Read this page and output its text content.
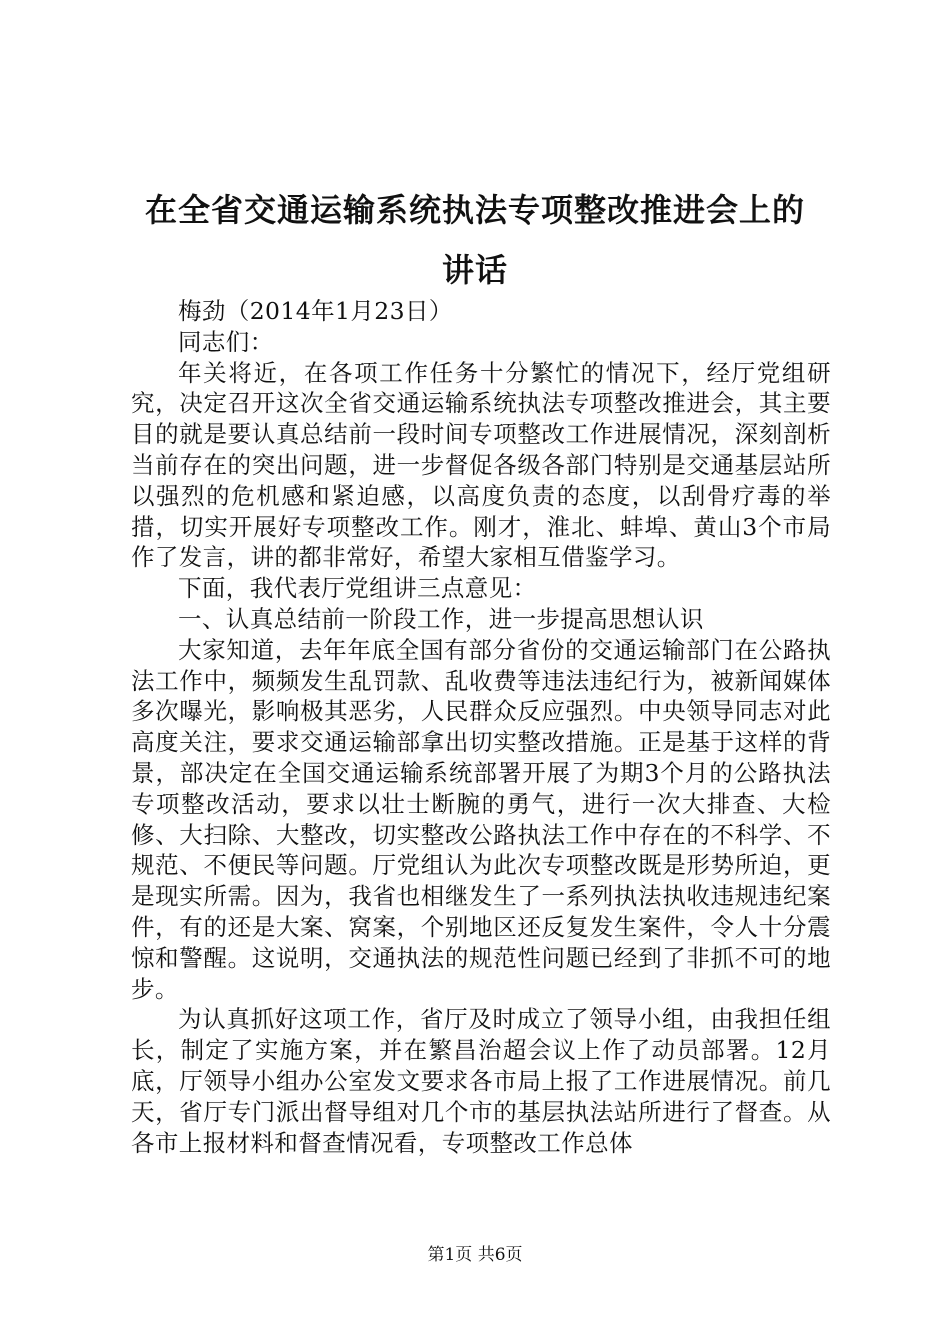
在全省交通运输系统执法专项整改推进会上的
讲话

梅劲（2014年1月23日）

同志们：

年关将近，在各项工作任务十分繁忙的情况下，经厅党组研究，决定召开这次全省交通运输系统执法专项整改推进会，其主要目的就是要认真总结前一段时间专项整改工作进展情况，深刻剖析当前存在的突出问题，进一步督促各级各部门特别是交通基层站所以强烈的危机感和紧迫感，以高度负责的态度，以刮骨疗毒的举措，切实开展好专项整改工作。刚才，淮北、蚌埠、黄山3个市局作了发言，讲的都非常好，希望大家相互借鉴学习。

下面，我代表厅党组讲三点意见：

一、认真总结前一阶段工作，进一步提高思想认识

大家知道，去年年底全国有部分省份的交通运输部门在公路执法工作中，频频发生乱罚款、乱收费等违法违纪行为，被新闻媒体多次曝光，影响极其恶劣，人民群众反应强烈。中央领导同志对此高度关注，要求交通运输部拿出切实整改措施。正是基于这样的背景，部决定在全国交通运输系统部署开展了为期3个月的公路执法专项整改活动，要求以壮士断腕的勇气，进行一次大排查、大检修、大扫除、大整改，切实整改公路执法工作中存在的不科学、不规范、不便民等问题。厅党组认为此次专项整改既是形势所迫，更是现实所需。因为，我省也相继发生了一系列执法执收违规违纪案件，有的还是大案、窝案，个别地区还反复发生案件，令人十分震惊和警醒。这说明，交通执法的规范性问题已经到了非抓不可的地步。

为认真抓好这项工作，省厅及时成立了领导小组，由我担任组长，制定了实施方案，并在繁昌治超会议上作了动员部署。12月底，厅领导小组办公室发文要求各市局上报了工作进展情况。前几天，省厅专门派出督导组对几个市的基层执法站所进行了督查。从各市上报材料和督查情况看，专项整改工作总体

第1页 共6页
